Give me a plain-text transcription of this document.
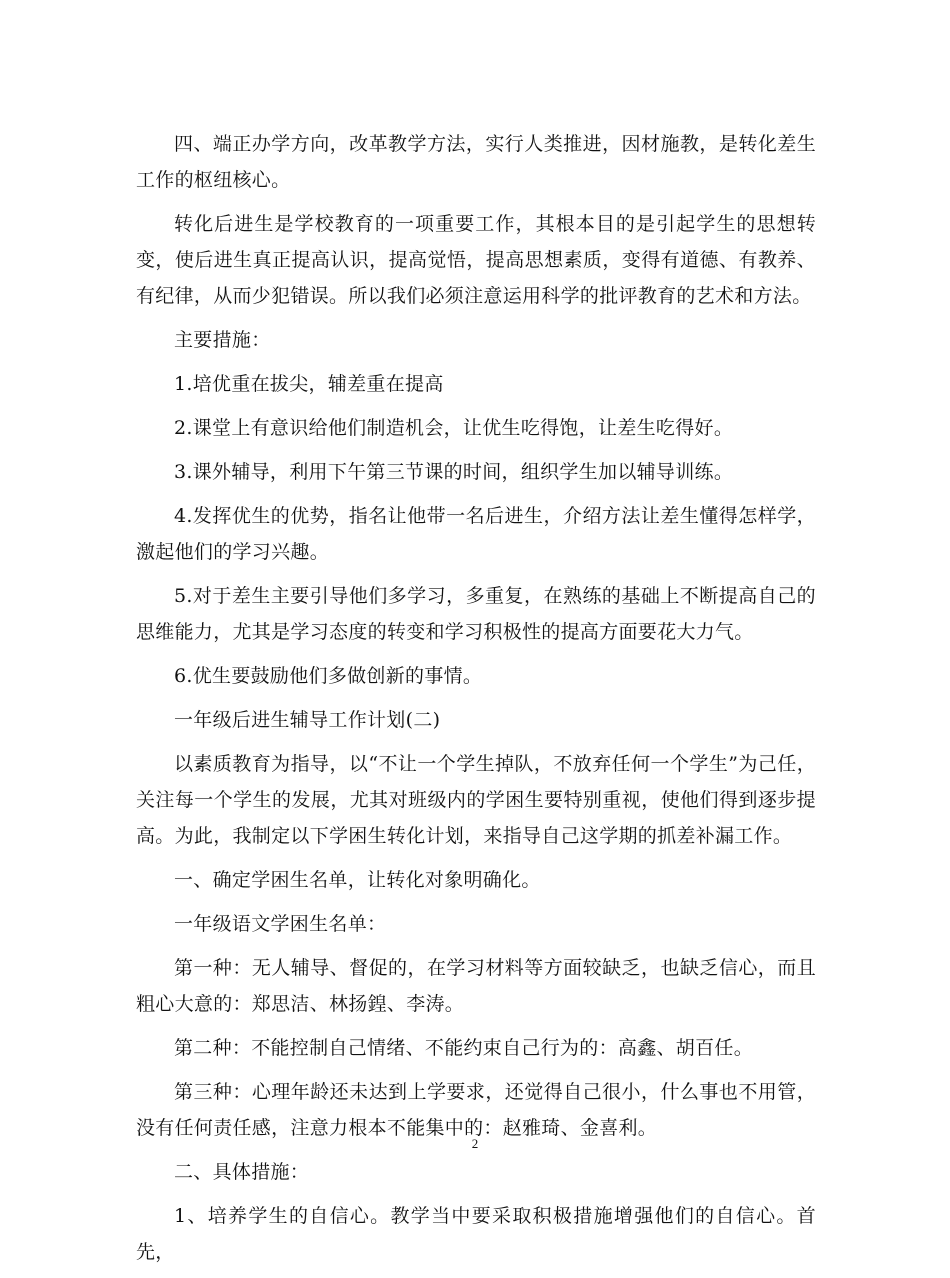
四、端正办学方向，改革教学方法，实行人类推进，因材施教，是转化差生工作的枢纽核心。

转化后进生是学校教育的一项重要工作，其根本目的是引起学生的思想转变，使后进生真正提高认识，提高觉悟，提高思想素质，变得有道德、有教养、有纪律，从而少犯错误。所以我们必须注意运用科学的批评教育的艺术和方法。

主要措施：

1.培优重在拔尖，辅差重在提高

2.课堂上有意识给他们制造机会，让优生吃得饱，让差生吃得好。

3.课外辅导，利用下午第三节课的时间，组织学生加以辅导训练。

4.发挥优生的优势，指名让他带一名后进生，介绍方法让差生懂得怎样学，激起他们的学习兴趣。

5.对于差生主要引导他们多学习，多重复，在熟练的基础上不断提高自己的思维能力，尤其是学习态度的转变和学习积极性的提高方面要花大力气。

6.优生要鼓励他们多做创新的事情。

一年级后进生辅导工作计划(二)

以素质教育为指导，以“不让一个学生掉队，不放弃任何一个学生”为己任，关注每一个学生的发展，尤其对班级内的学困生要特别重视，使他们得到逐步提高。为此，我制定以下学困生转化计划，来指导自己这学期的抓差补漏工作。

一、确定学困生名单，让转化对象明确化。

一年级语文学困生名单：

第一种：无人辅导、督促的，在学习材料等方面较缺乏，也缺乏信心，而且粗心大意的：郑思洁、林扬鍠、李涛。

第二种：不能控制自己情绪、不能约束自己行为的：高鑫、胡百任。

第三种：心理年龄还未达到上学要求，还觉得自己很小，什么事也不用管，没有任何责任感，注意力根本不能集中的：赵雅琦、金喜利。

二、具体措施：

1、培养学生的自信心。教学当中要采取积极措施增强他们的自信心。首先，

2
